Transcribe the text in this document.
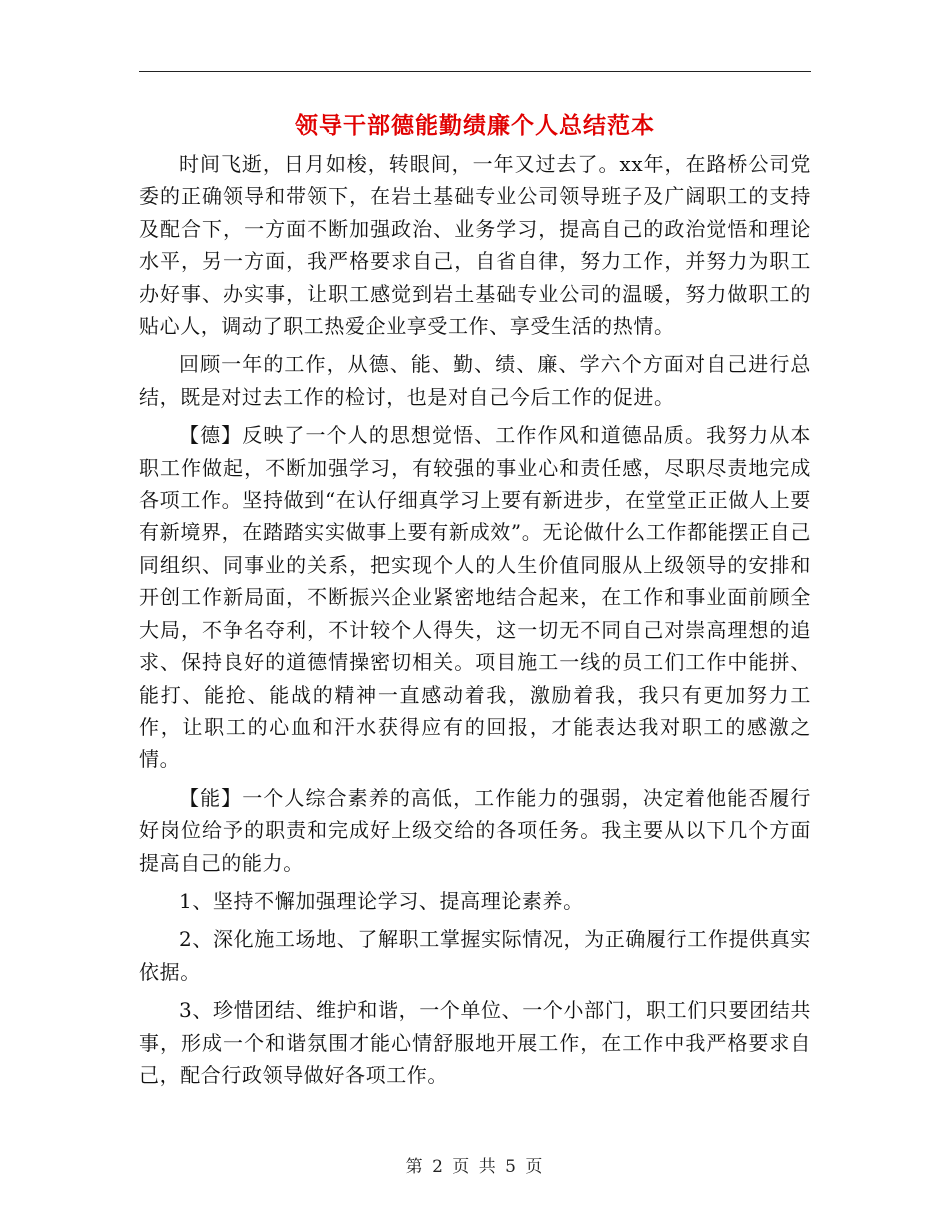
领导干部德能勤绩廉个人总结范本

时间飞逝，日月如梭，转眼间，一年又过去了。xx年，在路桥公司党委的正确领导和带领下，在岩土基础专业公司领导班子及广阔职工的支持及配合下，一方面不断加强政治、业务学习，提高自己的政治觉悟和理论水平，另一方面，我严格要求自己，自省自律，努力工作，并努力为职工办好事、办实事，让职工感觉到岩土基础专业公司的温暖，努力做职工的贴心人，调动了职工热爱企业享受工作、享受生活的热情。

回顾一年的工作，从德、能、勤、绩、廉、学六个方面对自己进行总结，既是对过去工作的检讨，也是对自己今后工作的促进。

【德】反映了一个人的思想觉悟、工作作风和道德品质。我努力从本职工作做起，不断加强学习，有较强的事业心和责任感，尽职尽责地完成各项工作。坚持做到“在认仔细真学习上要有新进步，在堂堂正正做人上要有新境界，在踏踏实实做事上要有新成效”。无论做什么工作都能摆正自己同组织、同事业的关系，把实现个人的人生价值同服从上级领导的安排和开创工作新局面，不断振兴企业紧密地结合起来，在工作和事业面前顾全大局，不争名夺利，不计较个人得失，这一切无不同自己对崇高理想的追求、保持良好的道德情操密切相关。项目施工一线的员工们工作中能拼、能打、能抢、能战的精神一直感动着我，激励着我，我只有更加努力工作，让职工的心血和汗水获得应有的回报，才能表达我对职工的感激之情。

【能】一个人综合素养的高低，工作能力的强弱，决定着他能否履行好岗位给予的职责和完成好上级交给的各项任务。我主要从以下几个方面提高自己的能力。

1、坚持不懈加强理论学习、提高理论素养。

2、深化施工场地、了解职工掌握实际情况，为正确履行工作提供真实依据。

3、珍惜团结、维护和谐，一个单位、一个小部门，职工们只要团结共事，形成一个和谐氛围才能心情舒服地开展工作，在工作中我严格要求自己，配合行政领导做好各项工作。

第 2 页 共 5 页
